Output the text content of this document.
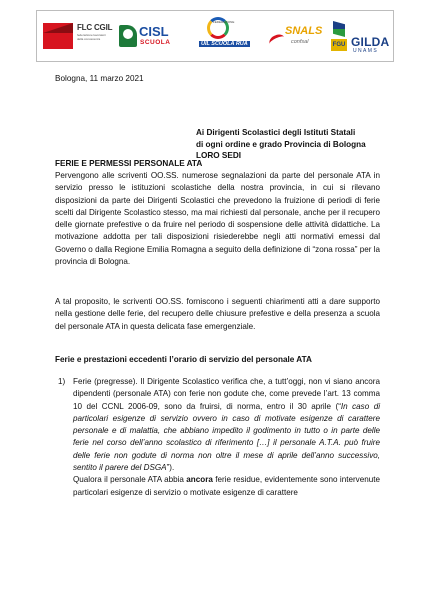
FLC CGIL
federazione lavoratori della conoscenza	CISL
SCUOLA
FEDERAZIONE
UIL SCUOLA RUA
SNALS
confsal	FGU GILDA
UNAMS
Bologna, 11 marzo 2021
Ai Dirigenti Scolastici degli Istituti Statali
di ogni ordine e grado Provincia di Bologna
LORO SEDI
FERIE E PERMESSI PERSONALE ATA

Pervengono alle scriventi OO.SS. numerose segnalazioni da parte del personale ATA in servizio presso le istituzioni scolastiche della nostra provincia, in cui si rilevano disposizioni da parte dei Dirigenti Scolastici che prevedono la fruizione di periodi di ferie scelti dal Dirigente Scolastico stesso, ma mai richiesti dal personale, anche per il recupero delle giornate prefestive o da fruire nel periodo di sospensione delle attività didattiche. La motivazione addotta per tali disposizioni risiederebbe negli atti normativi emessi dal Governo o dalla Regione Emilia Romagna a seguito della definizione di “zona rossa” per la provincia di Bologna.

A tal proposito, le scriventi OO.SS. forniscono i seguenti chiarimenti atti a dare supporto nella gestione delle ferie, del recupero delle chiusure prefestive e della presenza a scuola del personale ATA in questa delicata fase emergenziale.

Ferie e prestazioni eccedenti l’orario di servizio del personale ATA
1) Ferie (pregresse). Il Dirigente Scolastico verifica che, a tutt’oggi, non vi siano ancora dipendenti (personale ATA) con ferie non godute che, come prevede l’art. 13 comma 10 del CCNL 2006-09, sono da fruirsi, di norma, entro il 30 aprile (“In caso di particolari esigenze di servizio ovvero in caso di motivate esigenze di carattere personale e di malattia, che abbiano impedito il godimento in tutto o in parte delle ferie nel corso dell’anno scolastico di riferimento […] il personale A.T.A. può fruire delle ferie non godute di norma non oltre il mese di aprile dell’anno successivo, sentito il parere del DSGA”).

Qualora il personale ATA abbia ancora ferie residue, evidentemente sono intervenute particolari esigenze di servizio o motivate esigenze di carattere
